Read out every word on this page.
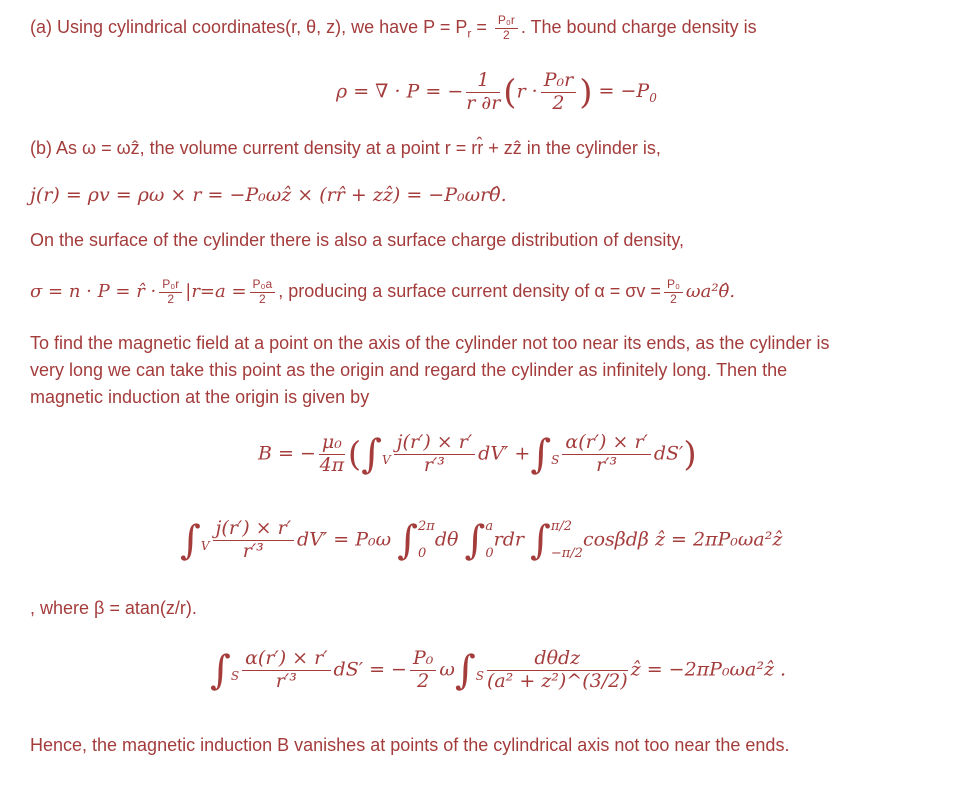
(a) Using cylindrical coordinates(r, θ, z), we have $P = P_r = \frac{\text{P₀r}}{2}$ . The bound charge density is
ρ = ∇ · P = − $\frac{1}{r \partial r} (r \cdot \frac{\text{P₀r}}{2}$ ) = $-P_0$
(b) As ω = ωẑ, the volume current density at a point r = rr̂ + zẑ in the cylinder is,
j(r) = ρv = ρω × r = −P₀ωẑ × (rr̂ + zẑ) = −P₀ωrθ̂.
On the surface of the cylinder there is also a surface charge distribution of density,
σ = n · P = r̂ · $\frac{\text{P₀r}}{2} |r=a = \frac{\text{P₀a}}{2}$ , producing a surface current density of $\alpha = \sigma v = \frac{\text{P₀}}{2}$ ωa²θ̂.
To find the magnetic field at a point on the axis of the cylinder not too near its ends, as the cylinder is
very long we can take this point as the origin and regard the cylinder as infinitely long. Then the
magnetic induction at the origin is given by
B = − $\frac{\text{μ₀}}{4\pi} (\int_V \frac{j(r') \times r'}{\text{r′³}} dV' +\int_S \frac{\alpha(r') \times r'}{\text{r′³}} dS')$
$\int_V \frac{j(r') \times r'}{\text{r′³}} dV' = P_0\omega$ ∫ 2π
0
dθ ∫ a
0
rdr ∫ π/2
−π/2
cosβdβ ẑ = 2πP₀ωa²ẑ
, where β = atan(z/r).
$\int_S \frac{\alpha(r') \times r'}{\text{r′³}} dS'$ = − $\frac{\text{P₀}}{2} \omega\int_S \frac{\text{dθdz}}{\text{(a² + z²)\textasciicircum{}(3/2)}}$ ẑ = −2πP₀ωa²ẑ .
Hence, the magnetic induction B vanishes at points of the cylindrical axis not too near the ends.
